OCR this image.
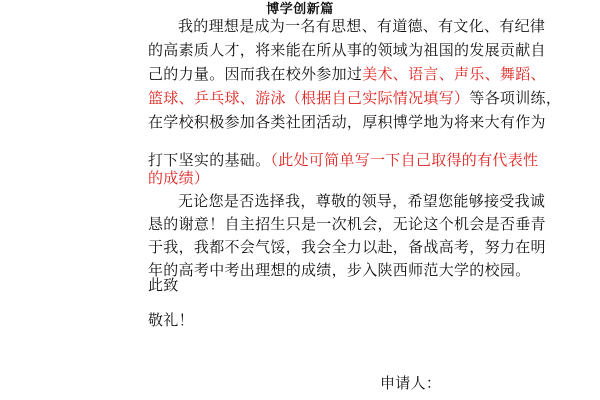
博学创新篇
我的理想是成为一名有思想、有道德、有文化、有纪律
的高素质人才，将来能在所从事的领域为祖国的发展贡献自
己的力量。因而我在校外参加过美术、语言、声乐、舞蹈、
篮球、乒乓球、游泳（根据自己实际情况填写）等各项训练，
在学校积极参加各类社团活动，厚积博学地为将来大有作为
打下坚实的基础。（此处可简单写一下自己取得的有代表性
的成绩）
无论您是否选择我，尊敬的领导，希望您能够接受我诚
恳的谢意！自主招生只是一次机会，无论这个机会是否垂青
于我，我都不会气馁，我会全力以赴，备战高考，努力在明
年的高考中考出理想的成绩，步入陕西师范大学的校园。
此致
敬礼！
申请人：
